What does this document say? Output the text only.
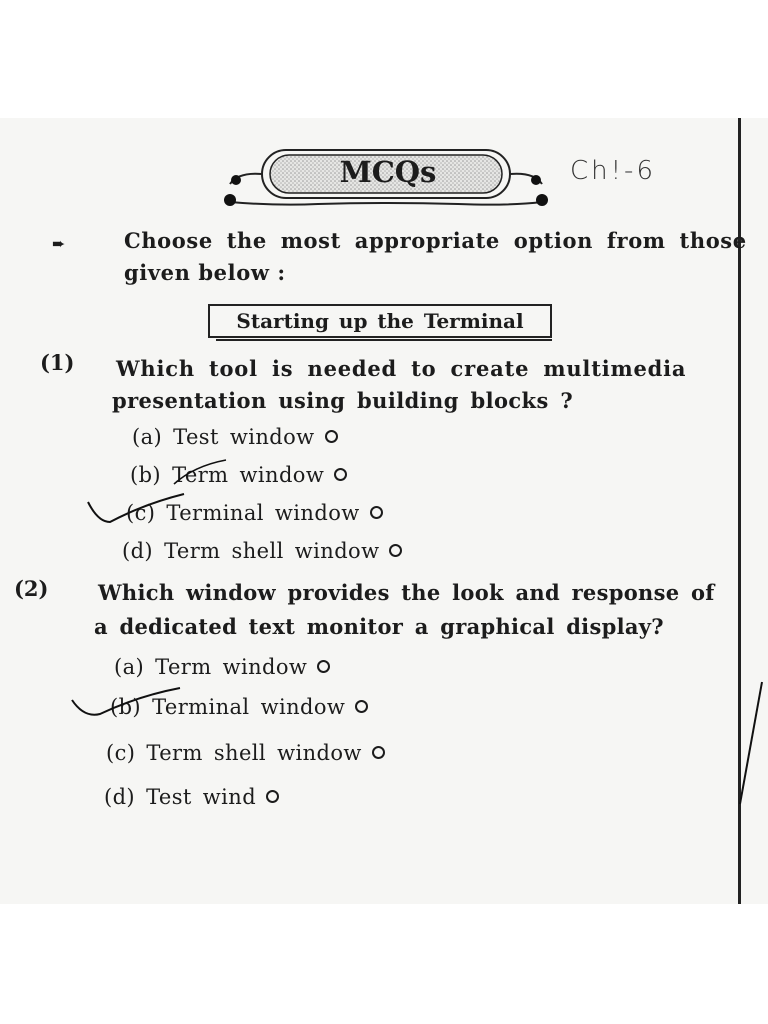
MCQs	Ch!-6
➨	Choose the most appropriate option from those
given below :
Starting up the Terminal
(1) Which tool is needed to create multimedia
presentation using building blocks ?
(a) Test window
(b) Term window
(c) Terminal window
(d) Term shell window
(2) Which window provides the look and response of
a dedicated text monitor a graphical display?
(a) Term window
(b) Terminal window
(c) Term shell window
(d) Test wind
